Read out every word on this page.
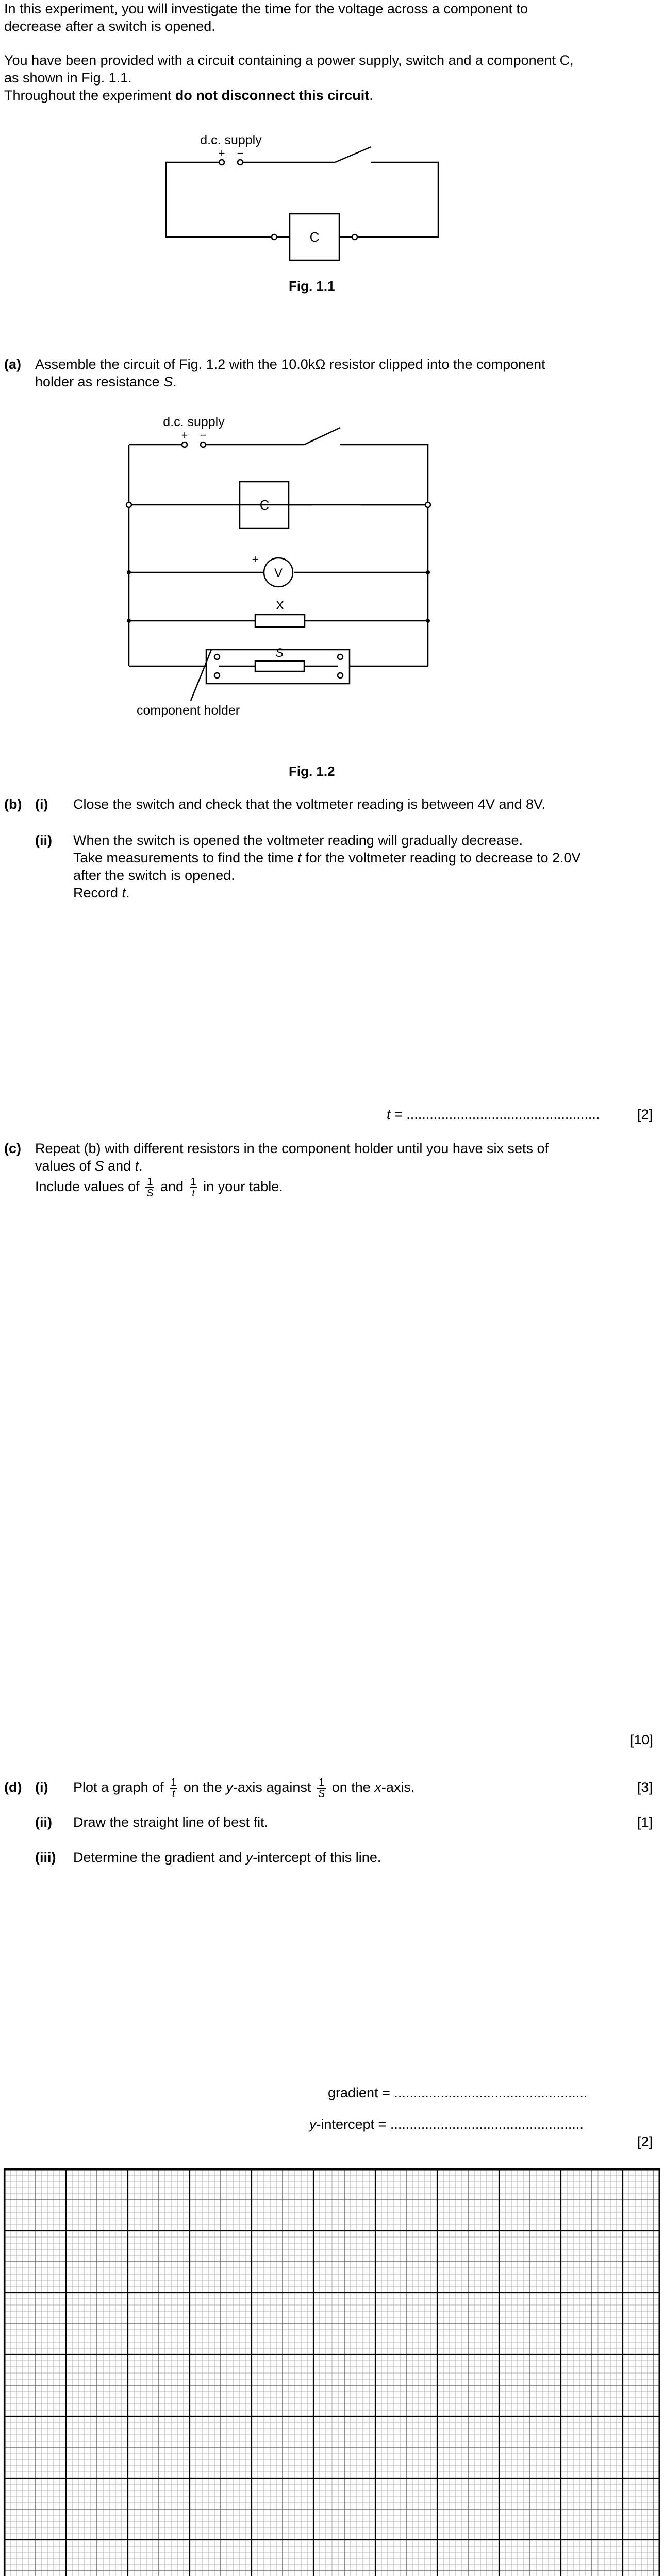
In this experiment, you will investigate the time for the voltage across a component to
decrease after a switch is opened.
You have been provided with a circuit containing a power supply, switch and a component C,
as shown in Fig. 1.1.
Throughout the experiment do not disconnect this circuit.
d.c. supply
+ −
C
Fig. 1.1
(a) Assemble the circuit of Fig. 1.2 with the 10.0kΩ resistor clipped into the component
holder as resistance S.
d.c. supply
+ −
C
V
+
X
S
component holder
Fig. 1.2
(b) (i) Close the switch and check that the voltmeter reading is between 4V and 8V.
(ii) When the switch is opened the voltmeter reading will gradually decrease.
Take measurements to find the time t for the voltmeter reading to decrease to 2.0V
after the switch is opened.
Record t.
t = ..................................................	[2]
(c) Repeat (b) with different resistors in the component holder until you have six sets of
values of S and t.
Include values of $\frac{1}{S}$ and $\frac{1}{t}$ in your table.
[10]
(d) (i) Plot a graph of $\frac{1}{t}$ on the y-axis against $\frac{1}{S}$ on the x-axis.	[3]
(ii) Draw the straight line of best fit.	[1]
(iii) Determine the gradient and y-intercept of this line.
gradient = ..................................................
y-intercept = ..................................................
[2]
